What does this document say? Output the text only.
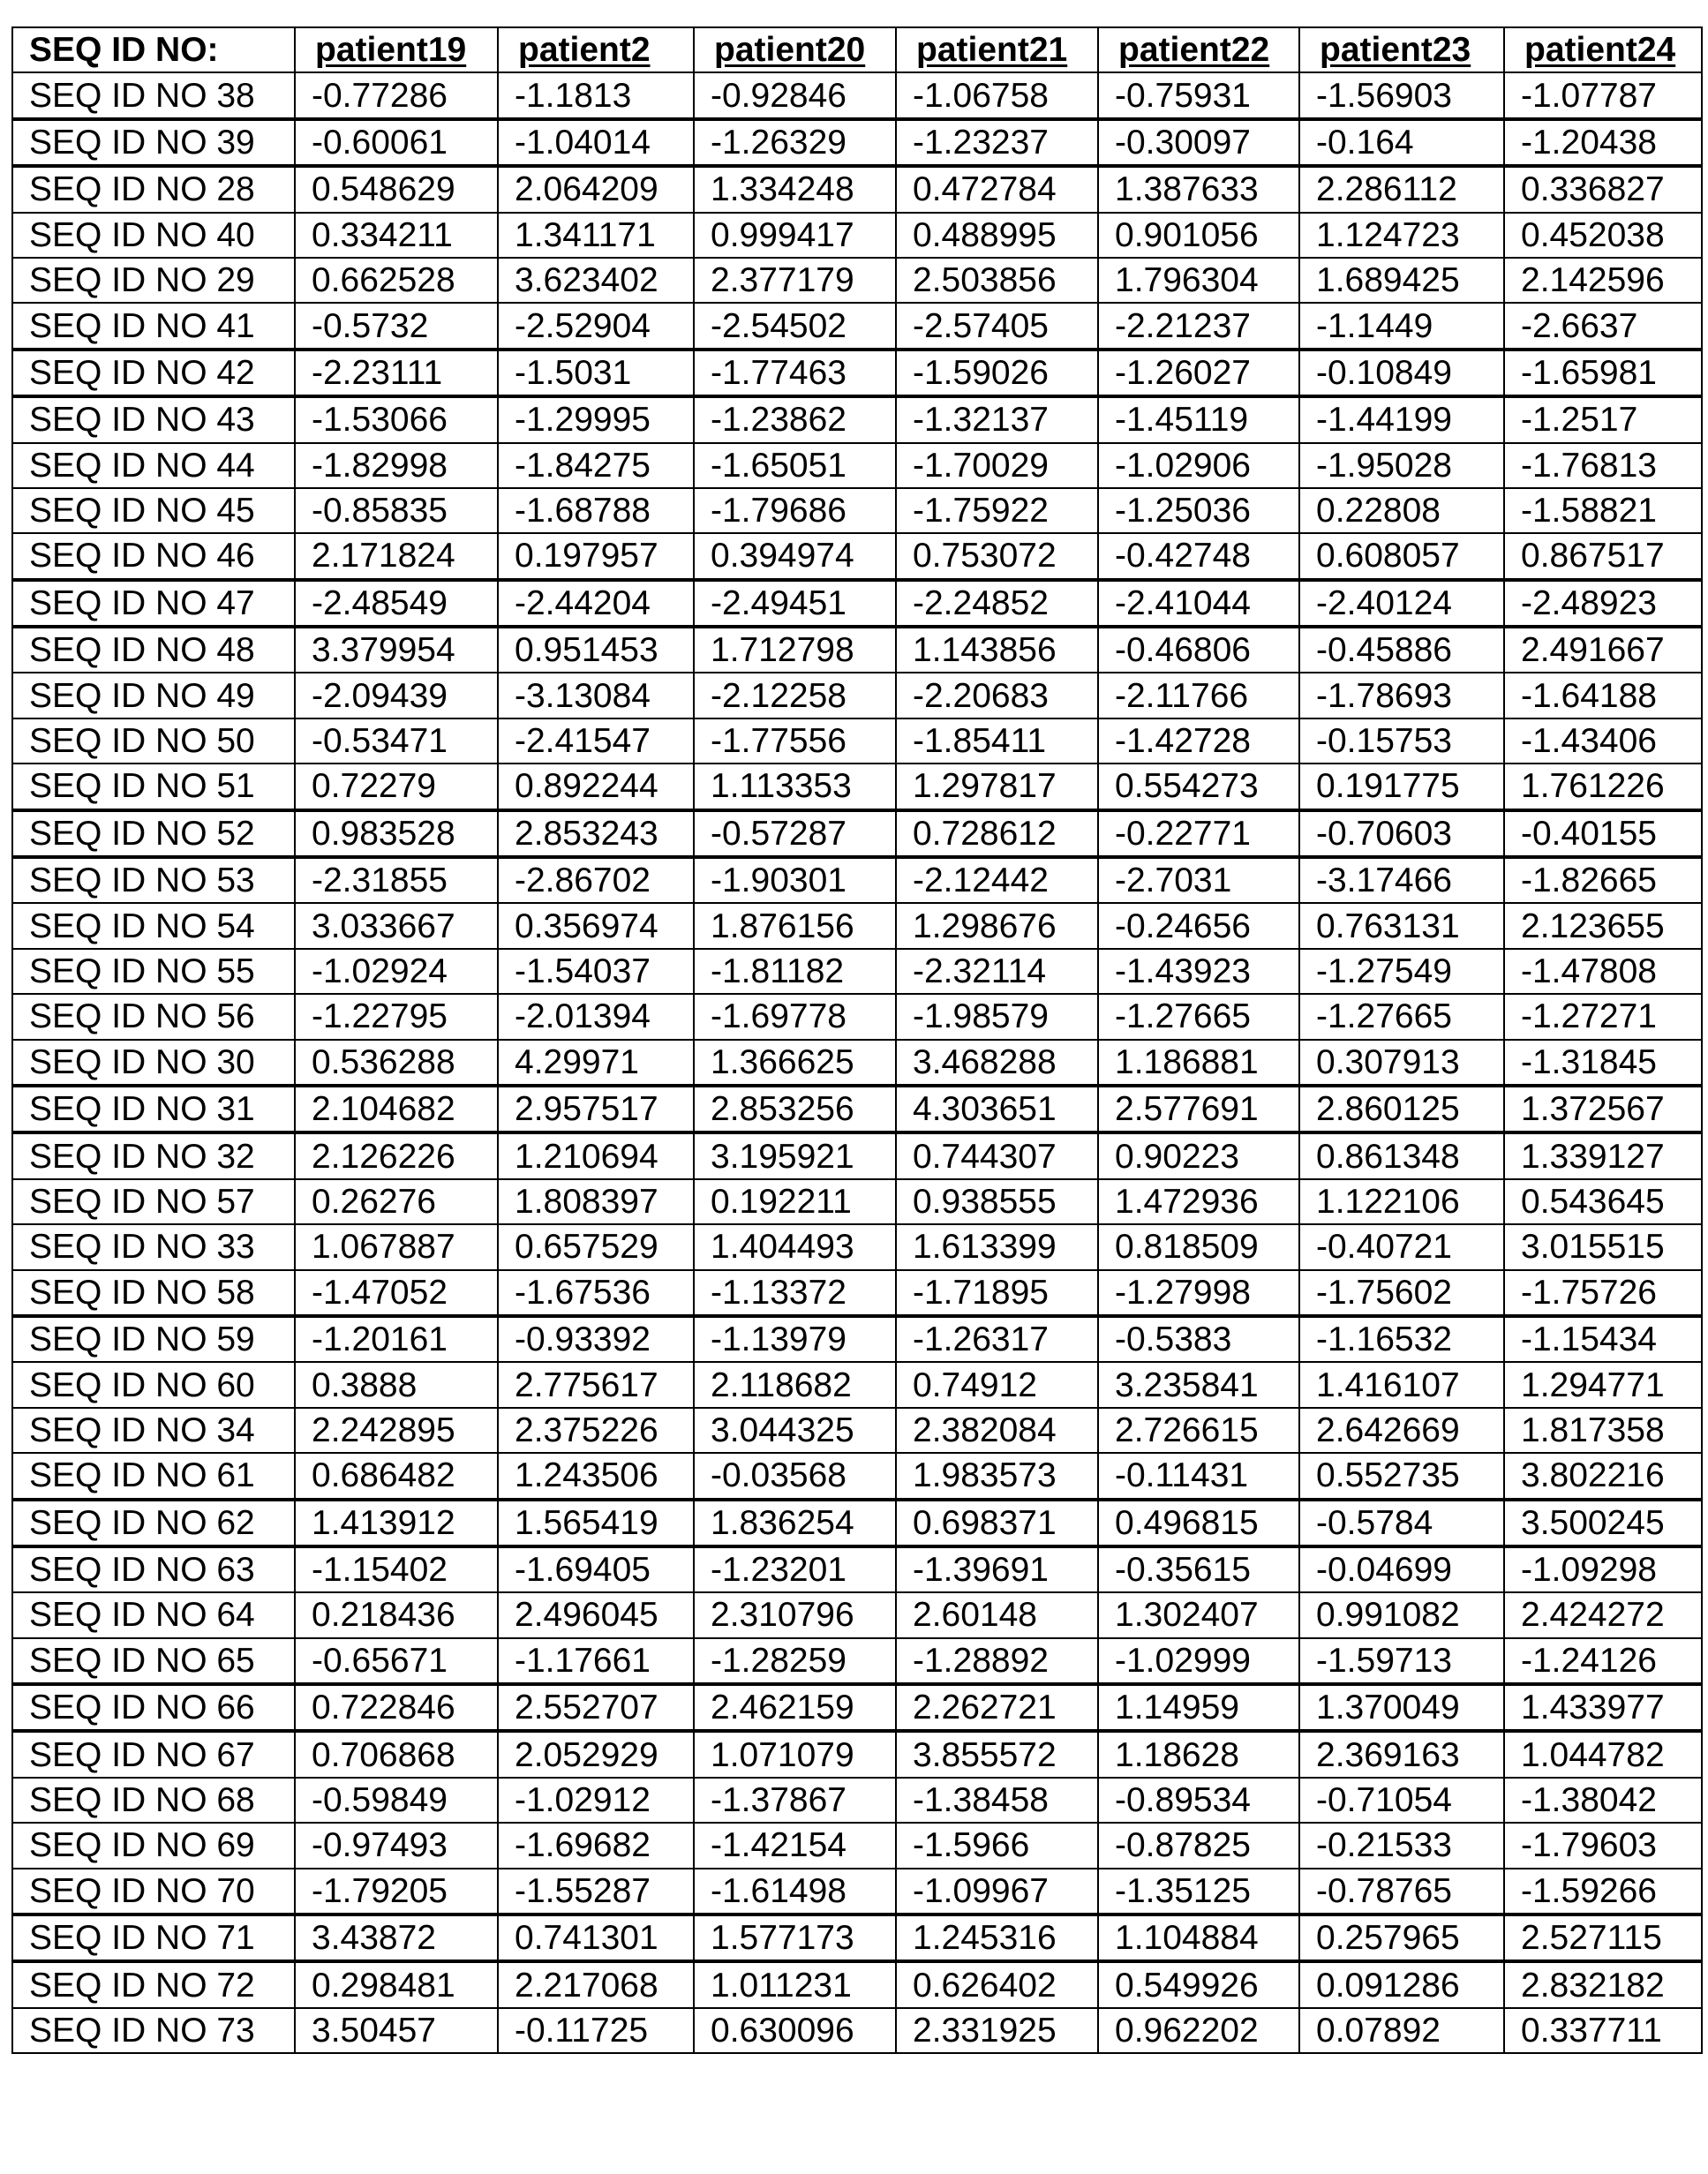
SEQ ID NO:	patient19	patient2	patient20	patient21	patient22	patient23	patient24
SEQ ID NO 38	-0.77286	-1.1813	-0.92846	-1.06758	-0.75931	-1.56903	-1.07787
SEQ ID NO 39	-0.60061	-1.04014	-1.26329	-1.23237	-0.30097	-0.164	-1.20438
SEQ ID NO 28	0.548629	2.064209	1.334248	0.472784	1.387633	2.286112	0.336827
SEQ ID NO 40	0.334211	1.341171	0.999417	0.488995	0.901056	1.124723	0.452038
SEQ ID NO 29	0.662528	3.623402	2.377179	2.503856	1.796304	1.689425	2.142596
SEQ ID NO 41	-0.5732	-2.52904	-2.54502	-2.57405	-2.21237	-1.1449	-2.6637
SEQ ID NO 42	-2.23111	-1.5031	-1.77463	-1.59026	-1.26027	-0.10849	-1.65981
SEQ ID NO 43	-1.53066	-1.29995	-1.23862	-1.32137	-1.45119	-1.44199	-1.2517
SEQ ID NO 44	-1.82998	-1.84275	-1.65051	-1.70029	-1.02906	-1.95028	-1.76813
SEQ ID NO 45	-0.85835	-1.68788	-1.79686	-1.75922	-1.25036	0.22808	-1.58821
SEQ ID NO 46	2.171824	0.197957	0.394974	0.753072	-0.42748	0.608057	0.867517
SEQ ID NO 47	-2.48549	-2.44204	-2.49451	-2.24852	-2.41044	-2.40124	-2.48923
SEQ ID NO 48	3.379954	0.951453	1.712798	1.143856	-0.46806	-0.45886	2.491667
SEQ ID NO 49	-2.09439	-3.13084	-2.12258	-2.20683	-2.11766	-1.78693	-1.64188
SEQ ID NO 50	-0.53471	-2.41547	-1.77556	-1.85411	-1.42728	-0.15753	-1.43406
SEQ ID NO 51	0.72279	0.892244	1.113353	1.297817	0.554273	0.191775	1.761226
SEQ ID NO 52	0.983528	2.853243	-0.57287	0.728612	-0.22771	-0.70603	-0.40155
SEQ ID NO 53	-2.31855	-2.86702	-1.90301	-2.12442	-2.7031	-3.17466	-1.82665
SEQ ID NO 54	3.033667	0.356974	1.876156	1.298676	-0.24656	0.763131	2.123655
SEQ ID NO 55	-1.02924	-1.54037	-1.81182	-2.32114	-1.43923	-1.27549	-1.47808
SEQ ID NO 56	-1.22795	-2.01394	-1.69778	-1.98579	-1.27665	-1.27665	-1.27271
SEQ ID NO 30	0.536288	4.29971	1.366625	3.468288	1.186881	0.307913	-1.31845
SEQ ID NO 31	2.104682	2.957517	2.853256	4.303651	2.577691	2.860125	1.372567
SEQ ID NO 32	2.126226	1.210694	3.195921	0.744307	0.90223	0.861348	1.339127
SEQ ID NO 57	0.26276	1.808397	0.192211	0.938555	1.472936	1.122106	0.543645
SEQ ID NO 33	1.067887	0.657529	1.404493	1.613399	0.818509	-0.40721	3.015515
SEQ ID NO 58	-1.47052	-1.67536	-1.13372	-1.71895	-1.27998	-1.75602	-1.75726
SEQ ID NO 59	-1.20161	-0.93392	-1.13979	-1.26317	-0.5383	-1.16532	-1.15434
SEQ ID NO 60	0.3888	2.775617	2.118682	0.74912	3.235841	1.416107	1.294771
SEQ ID NO 34	2.242895	2.375226	3.044325	2.382084	2.726615	2.642669	1.817358
SEQ ID NO 61	0.686482	1.243506	-0.03568	1.983573	-0.11431	0.552735	3.802216
SEQ ID NO 62	1.413912	1.565419	1.836254	0.698371	0.496815	-0.5784	3.500245
SEQ ID NO 63	-1.15402	-1.69405	-1.23201	-1.39691	-0.35615	-0.04699	-1.09298
SEQ ID NO 64	0.218436	2.496045	2.310796	2.60148	1.302407	0.991082	2.424272
SEQ ID NO 65	-0.65671	-1.17661	-1.28259	-1.28892	-1.02999	-1.59713	-1.24126
SEQ ID NO 66	0.722846	2.552707	2.462159	2.262721	1.14959	1.370049	1.433977
SEQ ID NO 67	0.706868	2.052929	1.071079	3.855572	1.18628	2.369163	1.044782
SEQ ID NO 68	-0.59849	-1.02912	-1.37867	-1.38458	-0.89534	-0.71054	-1.38042
SEQ ID NO 69	-0.97493	-1.69682	-1.42154	-1.5966	-0.87825	-0.21533	-1.79603
SEQ ID NO 70	-1.79205	-1.55287	-1.61498	-1.09967	-1.35125	-0.78765	-1.59266
SEQ ID NO 71	3.43872	0.741301	1.577173	1.245316	1.104884	0.257965	2.527115
SEQ ID NO 72	0.298481	2.217068	1.011231	0.626402	0.549926	0.091286	2.832182
SEQ ID NO 73	3.50457	-0.11725	0.630096	2.331925	0.962202	0.07892	0.337711
